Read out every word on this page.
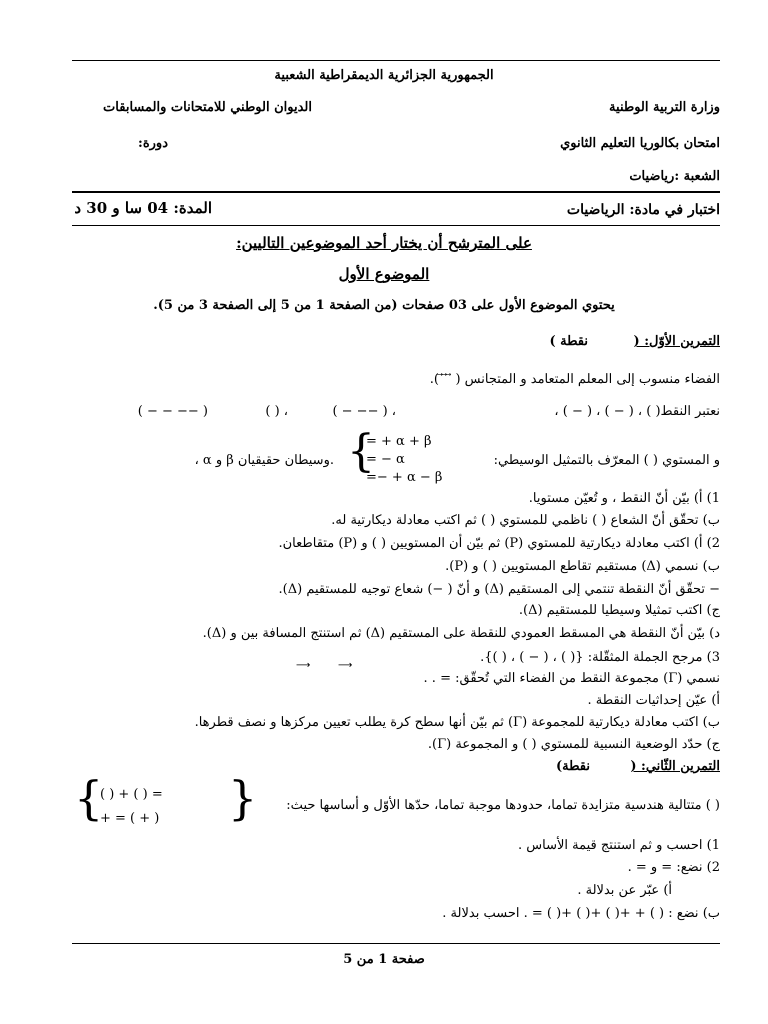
الجمهورية الجزائرية الديمقراطية الشعبية
وزارة التربية الوطنية
الديوان الوطني للامتحانات والمسابقات
امتحان بكالوريا التعليم الثانوي
دورة:
الشعبة :رياضيات
اختبار في مادة: الرياضيات
المدة: 04 سا و 30 د
على المترشح أن يختار أحد الموضوعين التاليين:
الموضوع الأول
يحتوي الموضوع الأول على 03 صفحات (من الصفحة 1 من 5 إلى الصفحة 3 من 5).
التمرين الأوّل: (
نقطة )
الفضاء منسوب إلى المعلم المتعامد و المتجانس ( ⃗ ⃗ ⃗ ).
نعتبر النقط( ) ، ( − ) ، ( − ) ،
( − −− ) ،
( ) ،
( − − −− )
و المستوي ( ) المعرّف بالتمثيل الوسيطي:
{
= + α + β
= − α
=− + α − β
، α و β وسيطان حقيقيان.
1) أ) بيّن أنّ النقط ، و تُعيّن مستويا.
ب) تحقّق أنّ الشعاع ( ) ناظمي للمستوي ( ) ثم اكتب معادلة ديكارتية له.
2) أ) اكتب معادلة ديكارتية للمستوي (P) ثم بيّن أن المستويين ( ) و (P) متقاطعان.
ب) نسمي (Δ) مستقيم تقاطع المستويين ( ) و (P).
− تحقّق أنّ النقطة تنتمي إلى المستقيم (Δ) و أنّ ( −) شعاع توجيه للمستقيم (Δ).
ج) اكتب تمثيلا وسيطيا للمستقيم (Δ).
د) بيّن أنّ النقطة هي المسقط العمودي للنقطة على المستقيم (Δ) ثم استنتج المسافة بين و (Δ).
3) مرجح الجملة المثقّلة: {( ) ، ( − ) ، ( )}.
نسمي (Γ) مجموعة النقط من الفضاء التي تُحقّق: = . .
⟶	⟶
أ) عيّن إحداثيات النقطة .
ب) اكتب معادلة ديكارتية للمجموعة (Γ) ثم بيّن أنها سطح كرة يطلب تعيين مركزها و نصف قطرها.
ج) حدّد الوضعية النسبية للمستوي ( ) و المجموعة (Γ).
التمرين الثّاني: (
نقطة)
( ) متتالية هندسية متزايدة تماما، حدودها موجبة تماما، حدّها الأوّل و أساسها حيث:
{
( ) + ( ) =
+ = ( + ) }
1) احسب و ثم استنتج قيمة الأساس .
2) نضع: = و = .
أ) عبّر عن بدلالة .
ب) نضع : ( ) + +( ) +( ) +( ) = . احسب بدلالة .
صفحة 1 من 5
